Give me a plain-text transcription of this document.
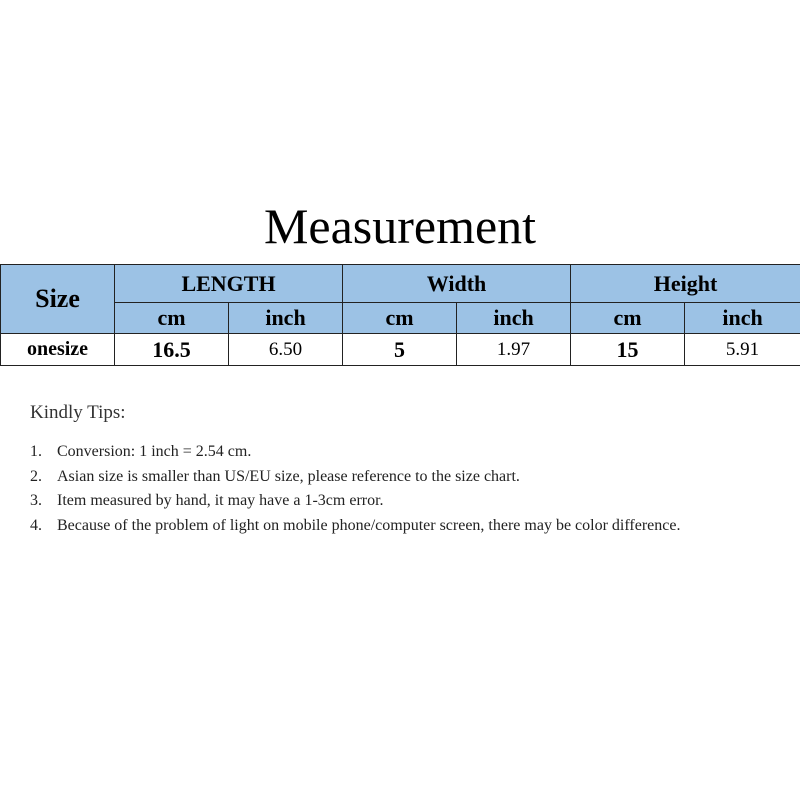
Measurement
Size	LENGTH		Width		Height	
	cm	inch	cm	inch	cm	inch
onesize	16.5	6.50	5	1.97	15	5.91
Kindly Tips:
1. Conversion: 1 inch = 2.54 cm.
2. Asian size is smaller than US/EU size, please reference to the size chart.
3. Item measured by hand, it may have a 1-3cm error.
4. Because of the problem of light on mobile phone/computer screen, there may be color difference.
